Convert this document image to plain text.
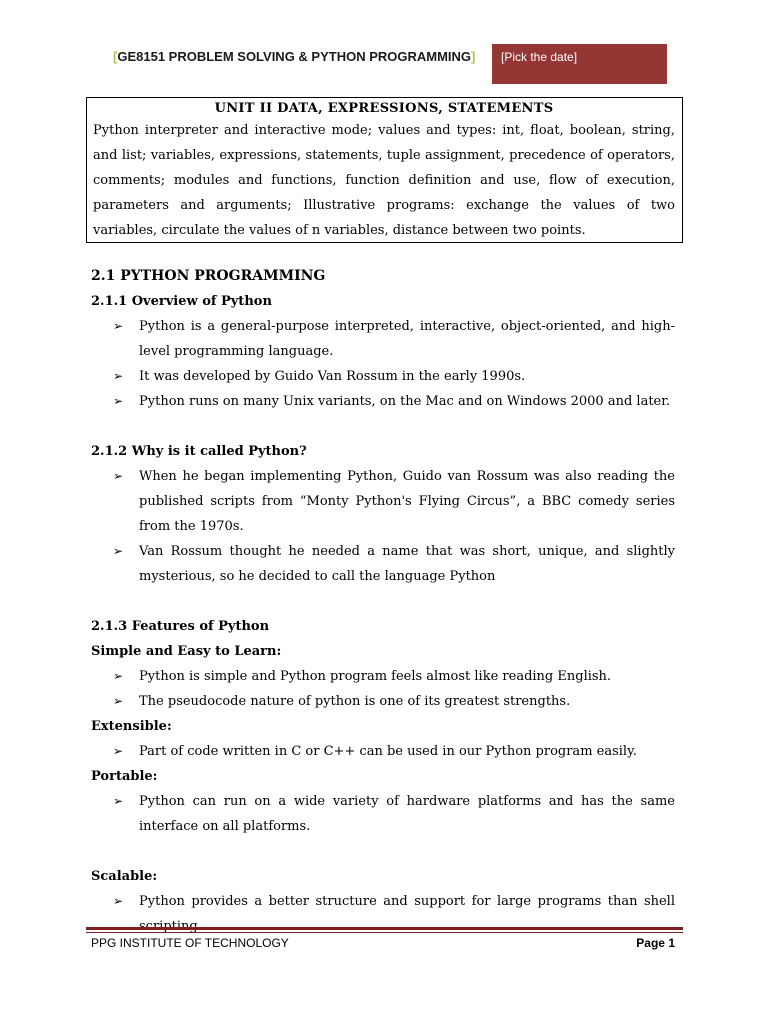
[GE8151 PROBLEM SOLVING & PYTHON PROGRAMMING]	[Pick the date]
UNIT II DATA, EXPRESSIONS, STATEMENTS
Python interpreter and interactive mode; values and types: int, float, boolean, string, and list; variables, expressions, statements, tuple assignment, precedence of operators, comments; modules and functions, function definition and use, flow of execution, parameters and arguments; Illustrative programs: exchange the values of two variables, circulate the values of n variables, distance between two points.
2.1 PYTHON PROGRAMMING
2.1.1 Overview of Python
➢ Python is a general-purpose interpreted, interactive, object-oriented, and high-level programming language.
➢ It was developed by Guido Van Rossum in the early 1990s.
➢ Python runs on many Unix variants, on the Mac and on Windows 2000 and later.
2.1.2 Why is it called Python?
➢ When he began implementing Python, Guido van Rossum was also reading the published scripts from “Monty Python's Flying Circus”, a BBC comedy series from the 1970s.
➢ Van Rossum thought he needed a name that was short, unique, and slightly mysterious, so he decided to call the language Python
2.1.3 Features of Python
Simple and Easy to Learn:
➢ Python is simple and Python program feels almost like reading English.
➢ The pseudocode nature of python is one of its greatest strengths.
Extensible:
➢ Part of code written in C or C++ can be used in our Python program easily.
Portable:
➢ Python can run on a wide variety of hardware platforms and has the same interface on all platforms.
Scalable:
➢ Python provides a better structure and support for large programs than shell
PPG INSTITUTE OF TECHNOLOGY	Page 1
